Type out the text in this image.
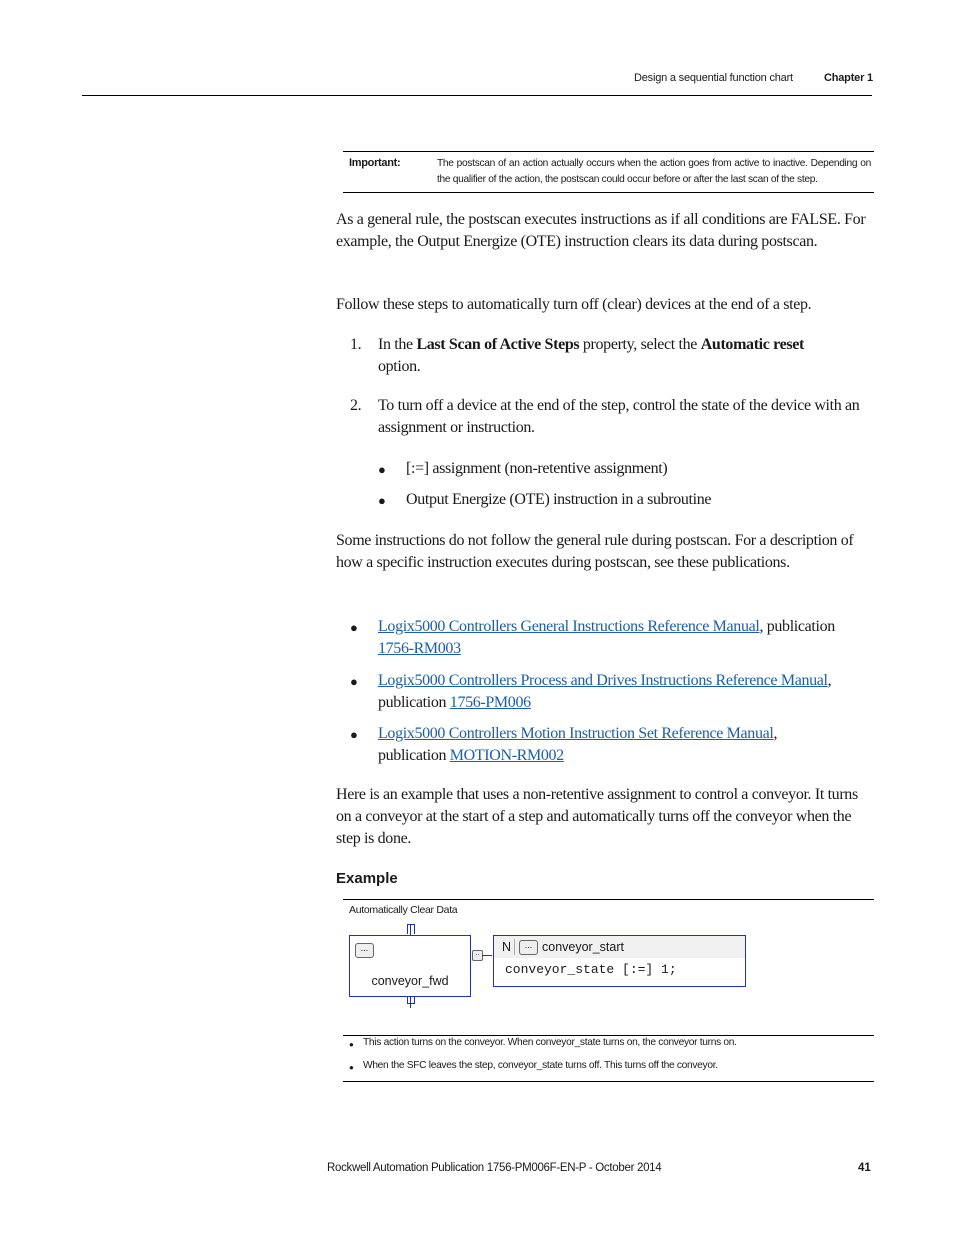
Design a sequential function chart	Chapter 1
Important:	The postscan of an action actually occurs when the action goes from active to inactive. Depending on the qualifier of the action, the postscan could occur before or after the last scan of the step.
As a general rule, the postscan executes instructions as if all conditions are FALSE. For example, the Output Energize (OTE) instruction clears its data during postscan.
Follow these steps to automatically turn off (clear) devices at the end of a step.
1. In the Last Scan of Active Steps property, select the Automatic reset
option.
2. To turn off a device at the end of the step, control the state of the device with an assignment or instruction.
● [:=] assignment (non-retentive assignment)
● Output Energize (OTE) instruction in a subroutine
Some instructions do not follow the general rule during postscan. For a description of how a specific instruction executes during postscan, see these publications.
● Logix5000 Controllers General Instructions Reference Manual, publication
1756-RM003
● Logix5000 Controllers Process and Drives Instructions Reference Manual,
publication 1756-PM006
● Logix5000 Controllers Motion Instruction Set Reference Manual,
publication MOTION-RM002
Here is an example that uses a non-retentive assignment to control a conveyor. It turns on a conveyor at the start of a step and automatically turns off the conveyor when the step is done.
Example
Automatically Clear Data
...
conveyor_fwd
.. N	... conveyor_start
conveyor_state [:=] 1;
● This action turns on the conveyor. When conveyor_state turns on, the conveyor turns on.
● When the SFC leaves the step, conveyor_state turns off. This turns off the conveyor.
Rockwell Automation Publication 1756-PM006F-EN-P - October 2014	41
